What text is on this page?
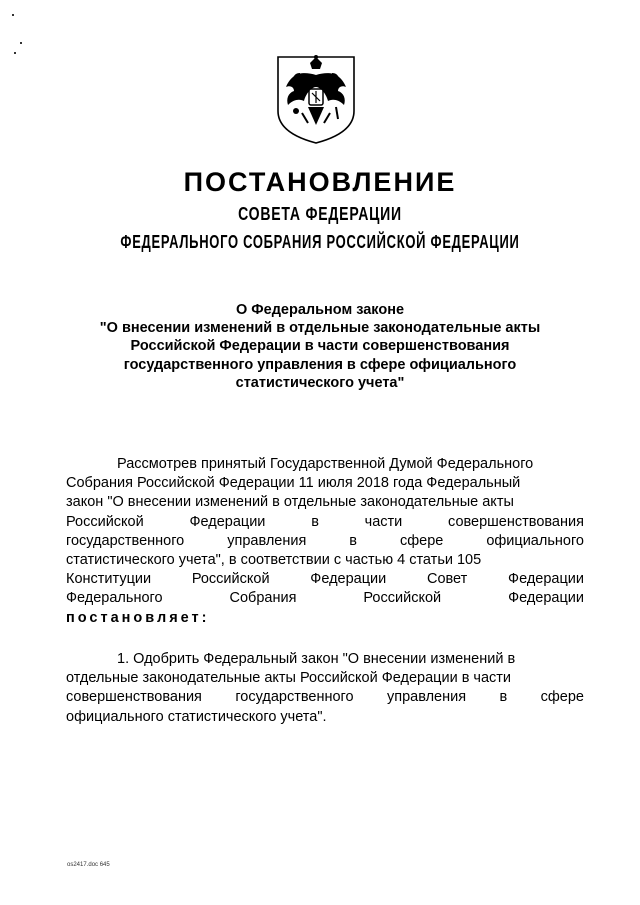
ПОСТАНОВЛЕНИЕ
СОВЕТА ФЕДЕРАЦИИ
ФЕДЕРАЛЬНОГО СОБРАНИЯ РОССИЙСКОЙ ФЕДЕРАЦИИ
О Федеральном законе
"О внесении изменений в отдельные законодательные акты
Российской Федерации в части совершенствования
государственного управления в сфере официального
статистического учета"
Рассмотрев принятый Государственной Думой Федерального
Собрания Российской Федерации 11 июля 2018 года Федеральный
закон "О внесении изменений в отдельные законодательные акты
Российской	Федерации	в	части	совершенствования
государственного	управления	в	сфере	официального
статистического учета", в соответствии с частью 4 статьи 105
Конституции	Российской	Федерации	Совет	Федерации
Федерального	Собрания	Российской	Федерации
постановляет:
1. Одобрить Федеральный закон "О внесении изменений в
отдельные законодательные акты Российской Федерации в части
совершенствования государственного управления в сфере
официального статистического учета".
os2417.doc 645
